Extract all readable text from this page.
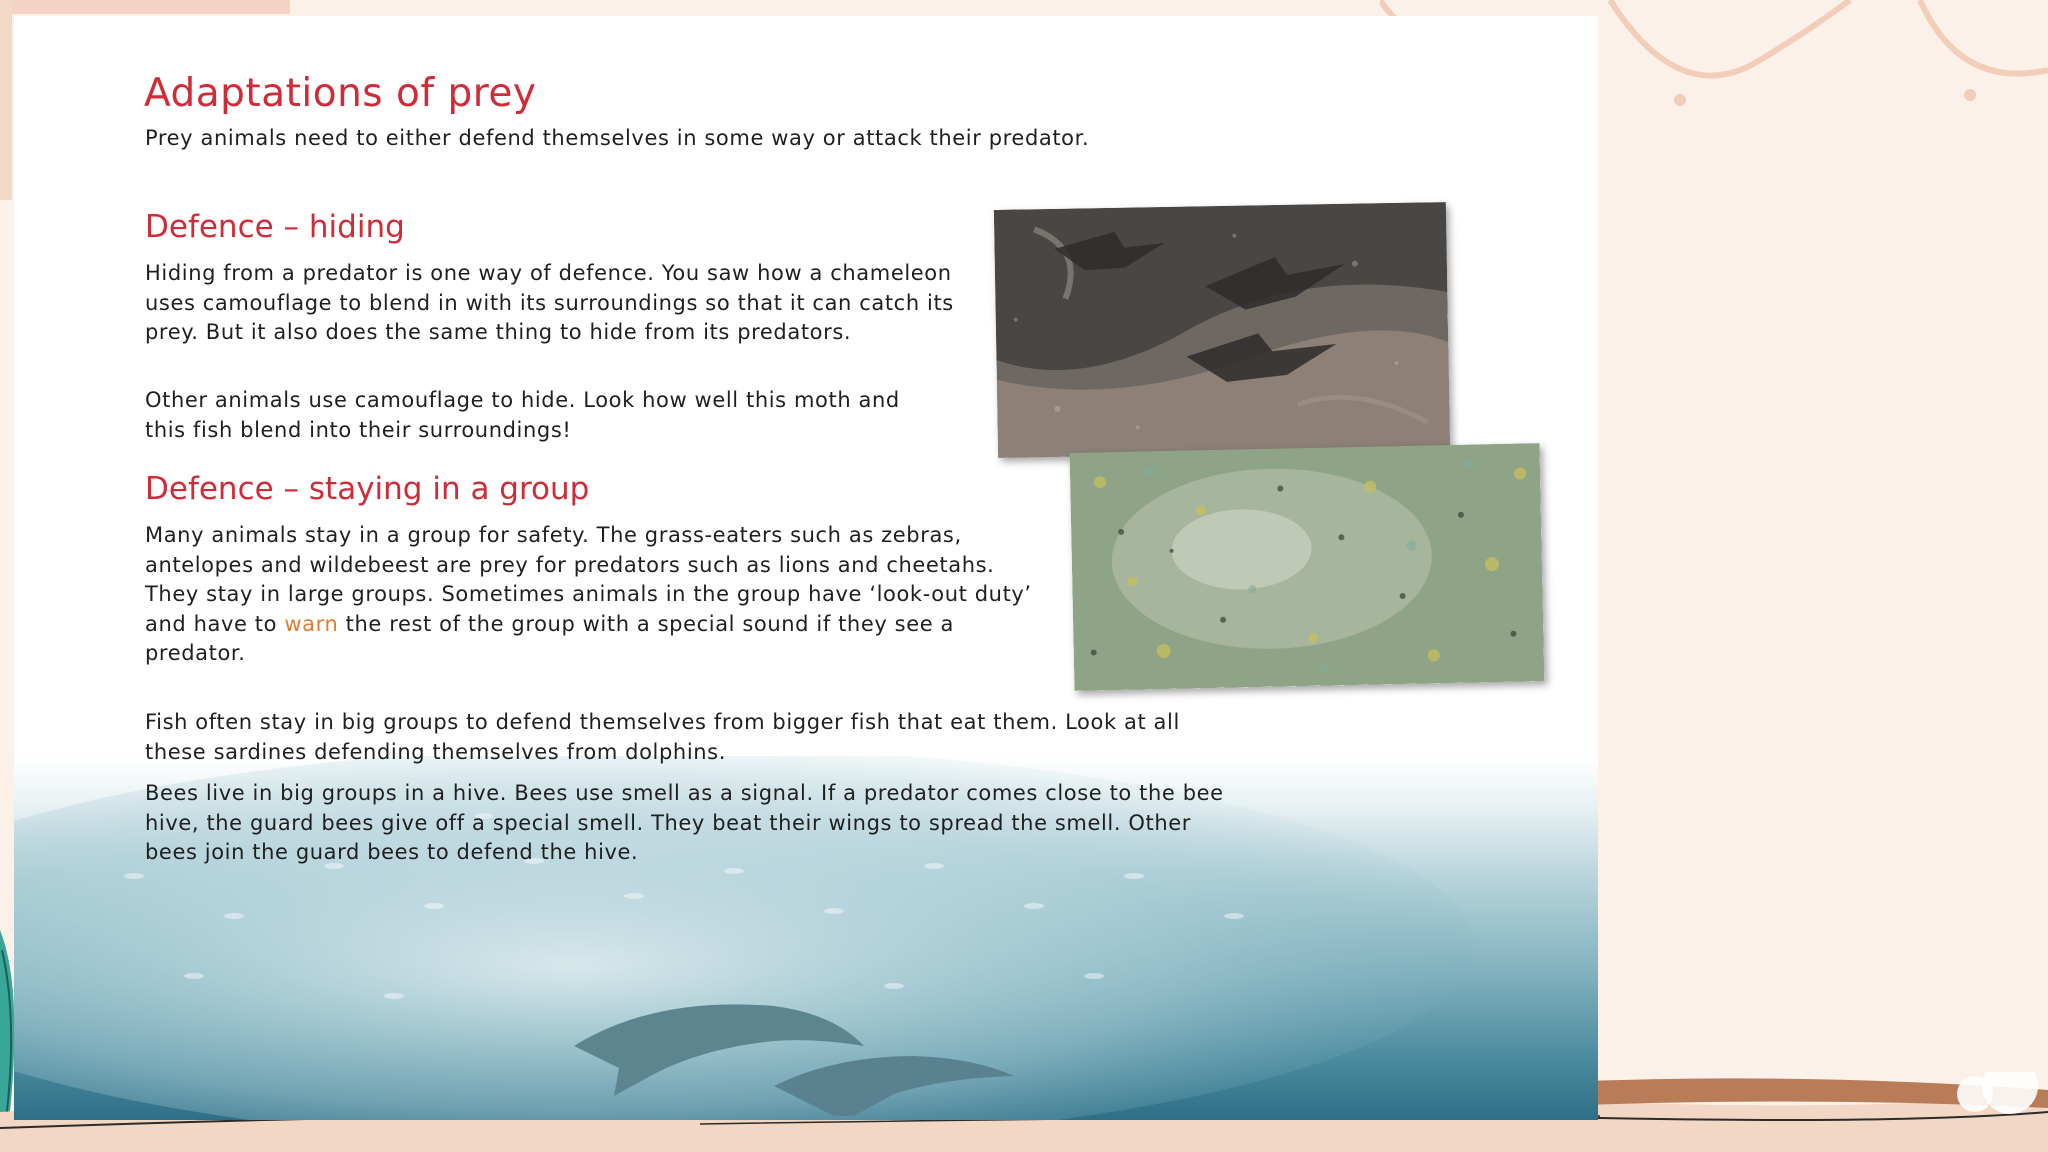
Adaptations of prey

Prey animals need to either defend themselves in some way or attack their predator.

Defence – hiding

Hiding from a predator is one way of defence. You saw how a chameleon uses camouflage to blend in with its surroundings so that it can catch its prey. But it also does the same thing to hide from its predators.

Other animals use camouflage to hide. Look how well this moth and this fish blend into their surroundings!

Defence – staying in a group

Many animals stay in a group for safety. The grass-eaters such as zebras, antelopes and wildebeest are prey for predators such as lions and cheetahs. They stay in large groups. Sometimes animals in the group have ‘look-out duty’ and have to warn the rest of the group with a special sound if they see a predator.

Fish often stay in big groups to defend themselves from bigger fish that eat them. Look at all these sardines defending themselves from dolphins.

Bees live in big groups in a hive. Bees use smell as a signal. If a predator comes close to the bee hive, the guard bees give off a special smell. They beat their wings to spread the smell. Other bees join the guard bees to defend the hive.
